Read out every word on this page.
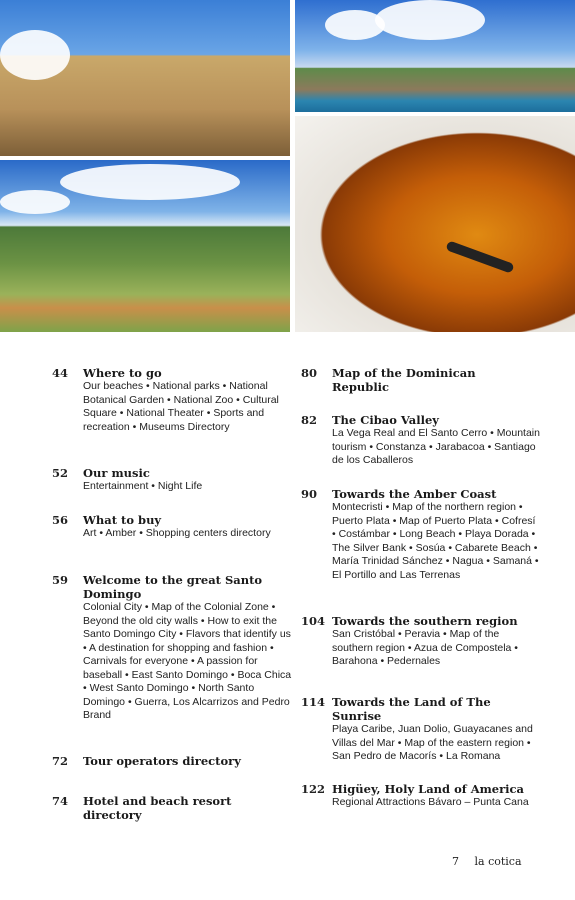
44 Where to go
Our beaches • National parks • National Botanical Garden • National Zoo • Cultural Square • National Theater • Sports and recreation • Museums Directory
52 Our music
Entertainment • Night Life
56 What to buy
Art • Amber • Shopping centers directory
59 Welcome to the great Santo Domingo
Colonial City • Map of the Colonial Zone • Beyond the old city walls • How to exit the Santo Domingo City • Flavors that identify us • A destination for shopping and fashion • Carnivals for everyone • A passion for baseball • East Santo Domingo • Boca Chica • West Santo Domingo • North Santo Domingo • Guerra, Los Alcarrizos and Pedro Brand
72 Tour operators directory
74 Hotel and beach resort directory
80 Map of the Dominican Republic
82 The Cibao Valley
La Vega Real and El Santo Cerro • Mountain tourism • Constanza • Jarabacoa • Santiago de los Caballeros
90 Towards the Amber Coast
Montecristi • Map of the northern region • Puerto Plata • Map of Puerto Plata • Cofresí • Costámbar • Long Beach • Playa Dorada • The Silver Bank • Sosúa • Cabarete Beach • María Trinidad Sánchez • Nagua • Samaná • El Portillo and Las Terrenas
104 Towards the southern region
San Cristóbal • Peravia • Map of the southern region • Azua de Compostela • Barahona • Pedernales
114 Towards the Land of The Sunrise
Playa Caribe, Juan Dolio, Guayacanes and Villas del Mar • Map of the eastern region • San Pedro de Macorís • La Romana
122 Higüey, Holy Land of America
Regional Attractions Bávaro – Punta Cana
7 la cotica
